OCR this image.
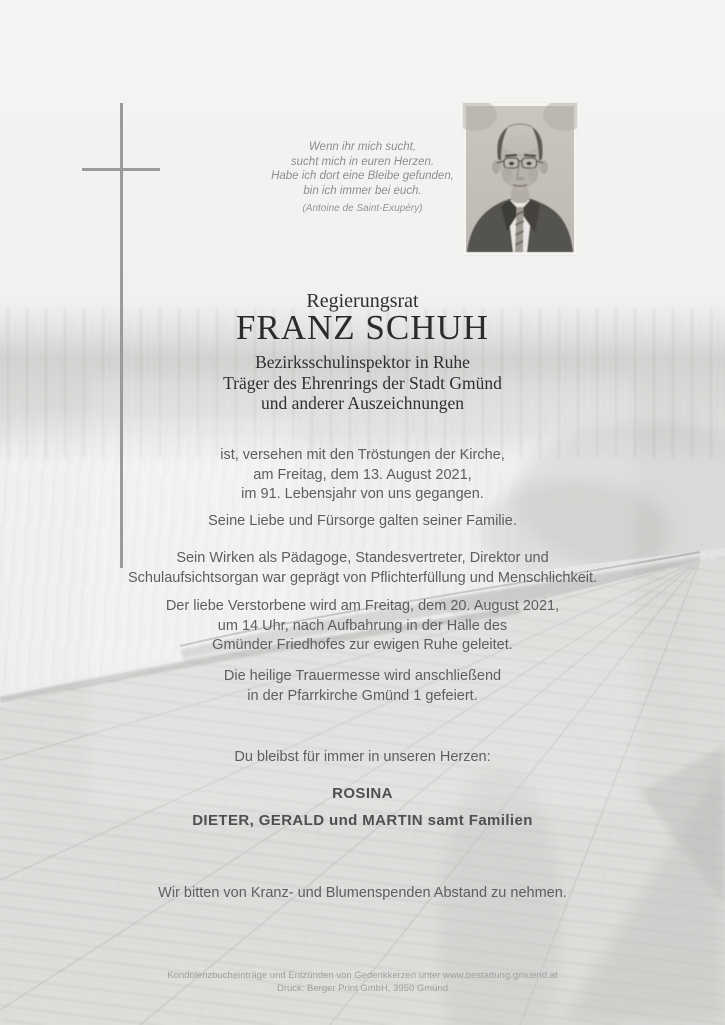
Wenn ihr mich sucht,
sucht mich in euren Herzen.
Habe ich dort eine Bleibe gefunden,
bin ich immer bei euch.
(Antoine de Saint-Exupéry)
Regierungsrat
FRANZ SCHUH
Bezirksschulinspektor in Ruhe
Träger des Ehrenrings der Stadt Gmünd
und anderer Auszeichnungen
ist, versehen mit den Tröstungen der Kirche,
am Freitag, dem 13. August 2021,
im 91. Lebensjahr von uns gegangen.
Seine Liebe und Fürsorge galten seiner Familie.
Sein Wirken als Pädagoge, Standesvertreter, Direktor und
Schulaufsichtsorgan war geprägt von Pflichterfüllung und Menschlichkeit.
Der liebe Verstorbene wird am Freitag, dem 20. August 2021,
um 14 Uhr, nach Aufbahrung in der Halle des
Gmünder Friedhofes zur ewigen Ruhe geleitet.
Die heilige Trauermesse wird anschließend
in der Pfarrkirche Gmünd 1 gefeiert.
Du bleibst für immer in unseren Herzen:
ROSINA
DIETER, GERALD und MARTIN samt Familien
Wir bitten von Kranz- und Blumenspenden Abstand zu nehmen.
Kondolenzbucheinträge und Entzünden von Gedenkkerzen unter www.bestattung.gmuend.at
Druck: Berger Print GmbH, 3950 Gmünd
